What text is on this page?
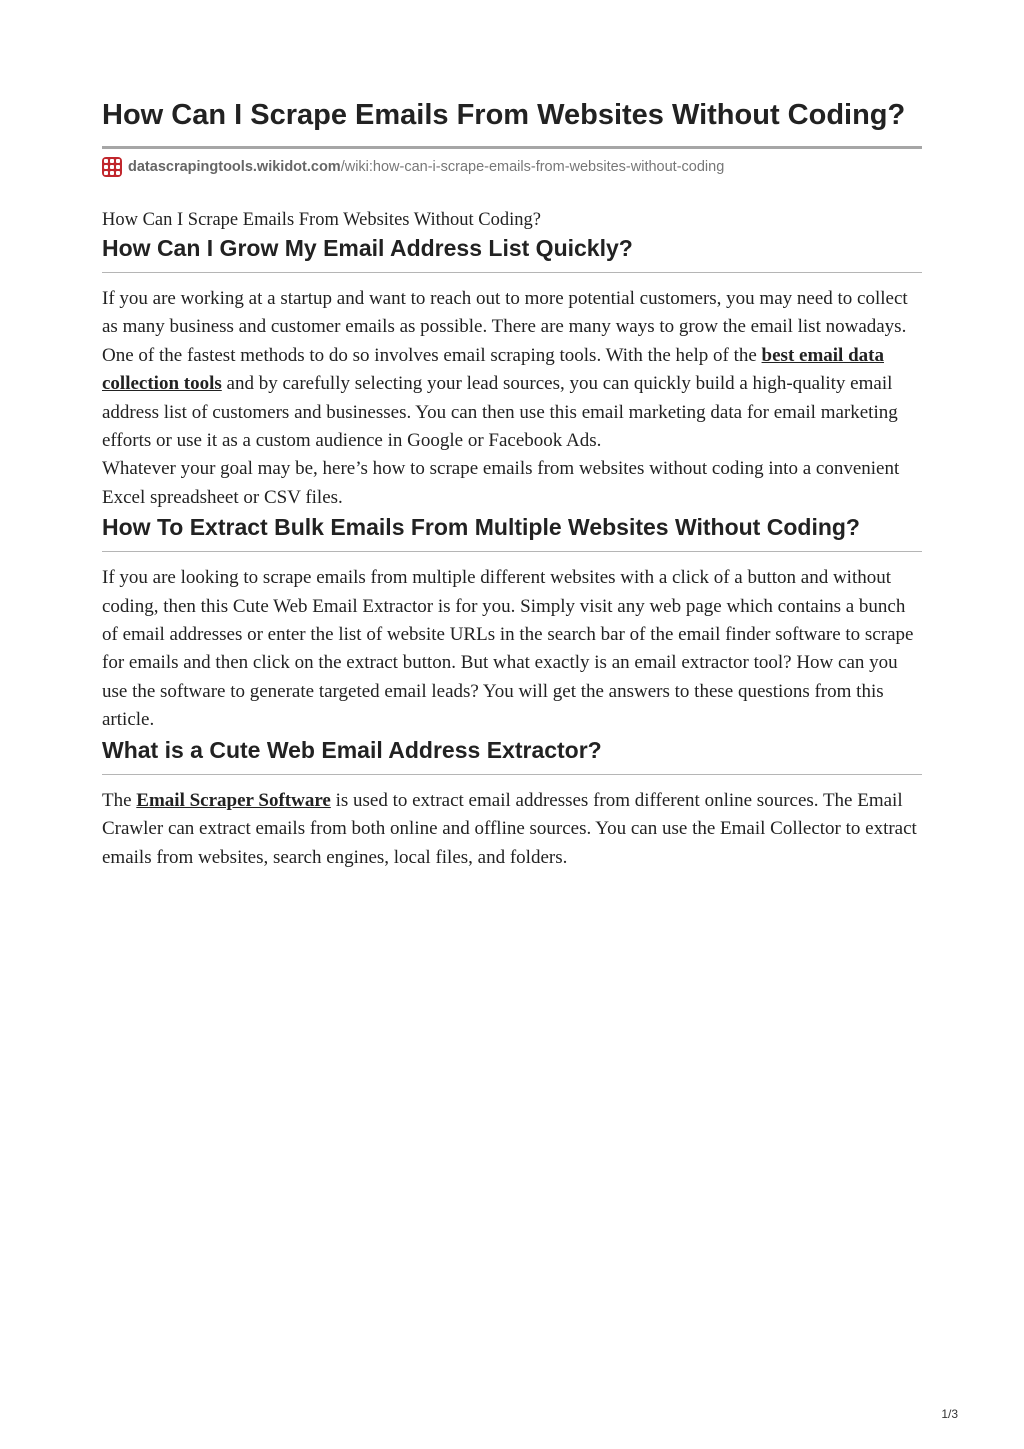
How Can I Scrape Emails From Websites Without Coding?
datascrapingtools.wikidot.com/wiki:how-can-i-scrape-emails-from-websites-without-coding
How Can I Scrape Emails From Websites Without Coding?
How Can I Grow My Email Address List Quickly?

If you are working at a startup and want to reach out to more potential customers, you may need to collect as many business and customer emails as possible. There are many ways to grow the email list nowadays. One of the fastest methods to do so involves email scraping tools. With the help of the best email data collection tools and by carefully selecting your lead sources, you can quickly build a high-quality email address list of customers and businesses. You can then use this email marketing data for email marketing efforts or use it as a custom audience in Google or Facebook Ads.
Whatever your goal may be, here’s how to scrape emails from websites without coding into a convenient Excel spreadsheet or CSV files.

How To Extract Bulk Emails From Multiple Websites Without Coding?

If you are looking to scrape emails from multiple different websites with a click of a button and without coding, then this Cute Web Email Extractor is for you. Simply visit any web page which contains a bunch of email addresses or enter the list of website URLs in the search bar of the email finder software to scrape for emails and then click on the extract button. But what exactly is an email extractor tool? How can you use the software to generate targeted email leads? You will get the answers to these questions from this article.

What is a Cute Web Email Address Extractor?

The Email Scraper Software is used to extract email addresses from different online sources. The Email Crawler can extract emails from both online and offline sources. You can use the Email Collector to extract emails from websites, search engines, local files, and folders.

1/3
